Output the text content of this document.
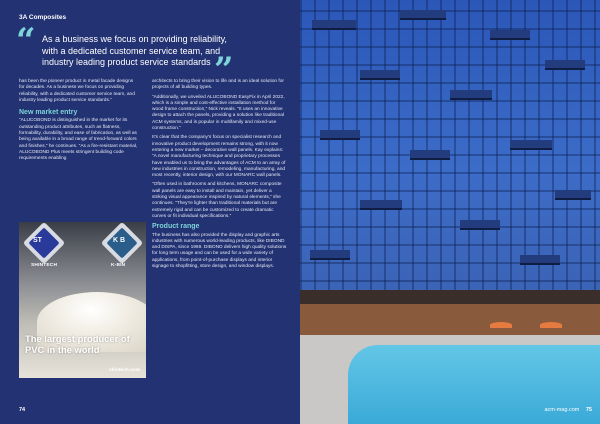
3A Composites
“ As a business we focus on providing reliability, with a dedicated customer service team, and industry leading product service standards ”

has been the pioneer product in metal facade designs for decades. As a business we focus on providing reliability, with a dedicated customer service team, and industry leading product service standards.”

New market entry

“ALUCOBOND is distinguished in the market for its outstanding product attributes, such as flatness, formability, durability, and ease of fabrication, as well as being available in a broad range of trend-forward colors and finishes,” he continues. “As a fire-resistant material, ALUCOBOND Plus meets stringent building code requirements enabling

architects to bring their vision to life and is an ideal solution for projects of all building types.

“Additionally, we unveiled ALUCOBOND EasyFix in April 2022, which is a simple and cost-effective installation method for wood frame construction,” Nick reveals. “It uses an innovative design to attach the panels, providing a solution like traditional ACM systems, and is popular in multifamily and mixed-use construction.”

It’s clear that the company’s focus on specialist research and innovative product development remains strong, with it now entering a new market – decorative wall panels. Kay explains: “A novel manufacturing technique and proprietary processes have enabled us to bring the advantages of ACM to an array of new industries in construction, remodeling, manufacturing, and most recently, interior design, with our MONARC wall panels.

“Often used in bathrooms and kitchens, MONARC composite wall panels are easy to install and maintain, yet deliver a striking visual appearance inspired by natural elements,” she continues. “They’re lighter than traditional materials but are extremely rigid and can be customized to create dramatic curves or fit individual specifications.”

Product range

The business has also provided the display and graphic arts industries with numerous world-leading products, like DIBOND and DISPA, since 1969. DIBOND delivers high quality solutions for long term usage and can be used for a wide variety of applications, from point-of-purchase displays and interior signage to shopfitting, store design, and window displays.

ST	K B
SHINTECH	K-BIN
The largest producer of PVC in the world
shintech.com
74	acm-mag.com 75
